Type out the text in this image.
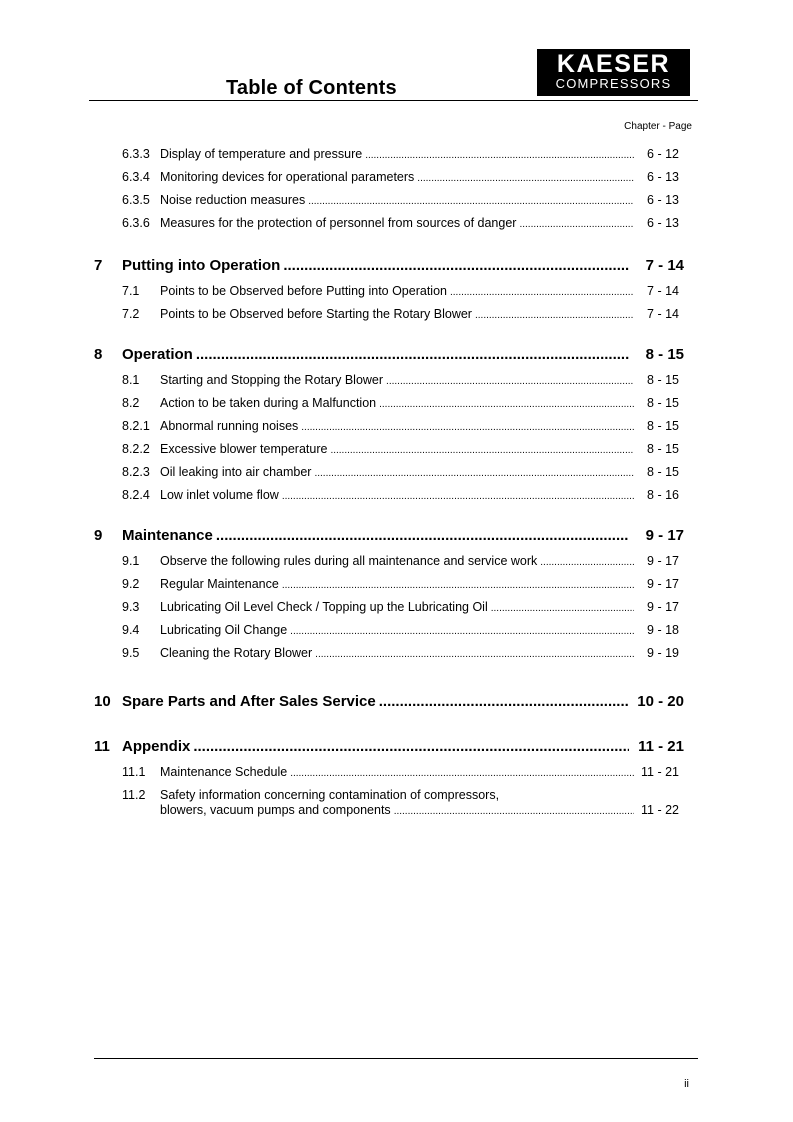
Table of Contents
KAESER
COMPRESSORS
Chapter - Page
6.3.3 Display of temperature and pressure .....	6 - 12
6.3.4 Monitoring devices for operational parameters .....	6 - 13
6.3.5 Noise reduction measures .....	6 - 13
6.3.6 Measures for the protection of personnel from sources of danger .....	6 - 13
7	Putting into Operation .....	7 - 14
7.1	Points to be Observed before Putting into Operation .....	7 - 14
7.2	Points to be Observed before Starting the Rotary Blower .....	7 - 14
8	Operation .....	8 - 15
8.1	Starting and Stopping the Rotary Blower .....	8 - 15
8.2	Action to be taken during a Malfunction .....	8 - 15
8.2.1 Abnormal running noises .....	8 - 15
8.2.2 Excessive blower temperature .....	8 - 15
8.2.3 Oil leaking into air chamber .....	8 - 15
8.2.4 Low inlet volume flow .....	8 - 16
9	Maintenance .....	9 - 17
9.1	Observe the following rules during all maintenance and service work .....	9 - 17
9.2	Regular Maintenance .....	9 - 17
9.3	Lubricating Oil Level Check / Topping up the Lubricating Oil .....	9 - 17
9.4	Lubricating Oil Change .....	9 - 18
9.5	Cleaning the Rotary Blower .....	9 - 19
10 Spare Parts and After Sales Service .....	10 - 20
11 Appendix .....	11 - 21
11.1	Maintenance Schedule .....	11 - 21
11.2	Safety information concerning contamination of compressors,
blowers, vacuum pumps and components .....	11 - 22
ii
